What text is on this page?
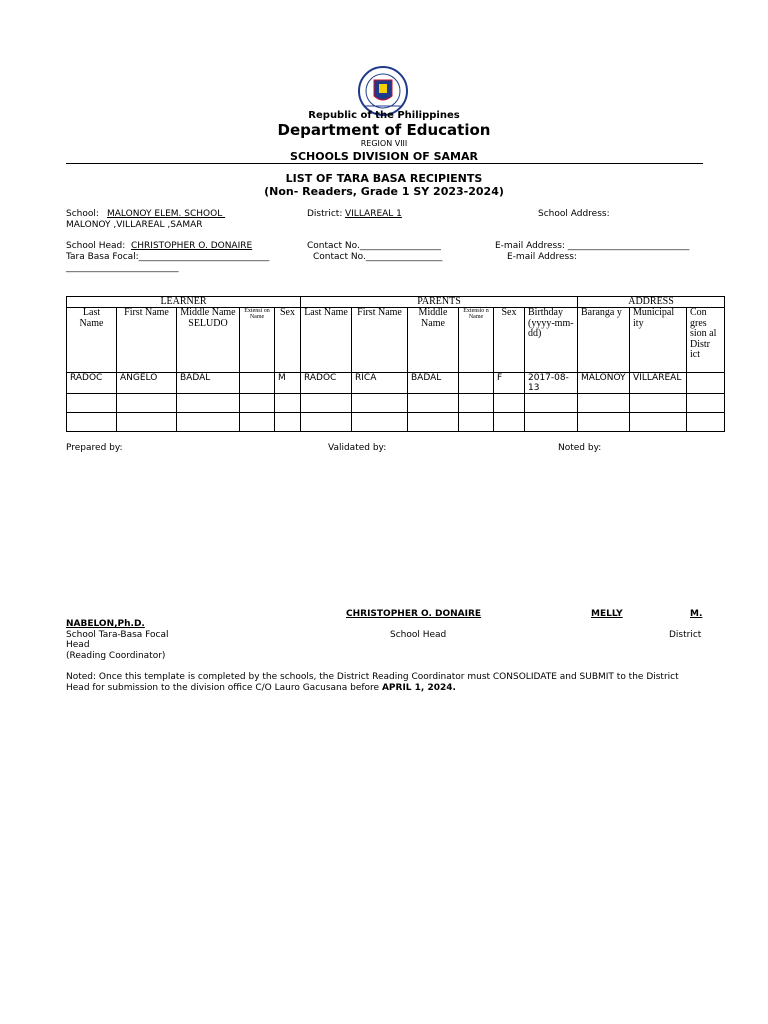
Republic of the Philippines
Department of Education
REGION VIII
SCHOOLS DIVISION OF SAMAR
LIST OF TARA BASA RECIPIENTS
(Non- Readers, Grade 1 SY 2023-2024)
School: MALONOY ELEM. SCHOOL
MALONOY ,VILLAREAL ,SAMAR
District: VILLAREAL 1	School Address:
School Head: CHRISTOPHER O. DONAIRE	Contact No.__________________	E-mail Address: ___________________________
Tara Basa Focal:_____________________________	Contact No._________________	E-mail Address:
_________________________
LEARNER					PARENTS						ADDRESS		
Last Name	First Name	Middle Name SELUDO	Extensi on Name	Sex	Last Name	First Name	Middle Name	Extensio n Name	Sex	Birthday (yyyy-mm-dd)	Baranga y	Municipal ity	Con gres sion al Distr ict
RADOC	ANGELO	BADAL		M	RADOC	RICA	BADAL		F	2017-08-13	MALONOY	VILLAREAL	

Prepared by:	Validated by:	Noted by:
CHRISTOPHER O. DONAIRE	MELLY	M.
NABELON,Ph.D.
School Tara-Basa Focal
Head
(Reading Coordinator)
School Head	District
Noted: Once this template is completed by the schools, the District Reading Coordinator must CONSOLIDATE and SUBMIT to the District
Head for submission to the division office C/O Lauro Gacusana before APRIL 1, 2024.
